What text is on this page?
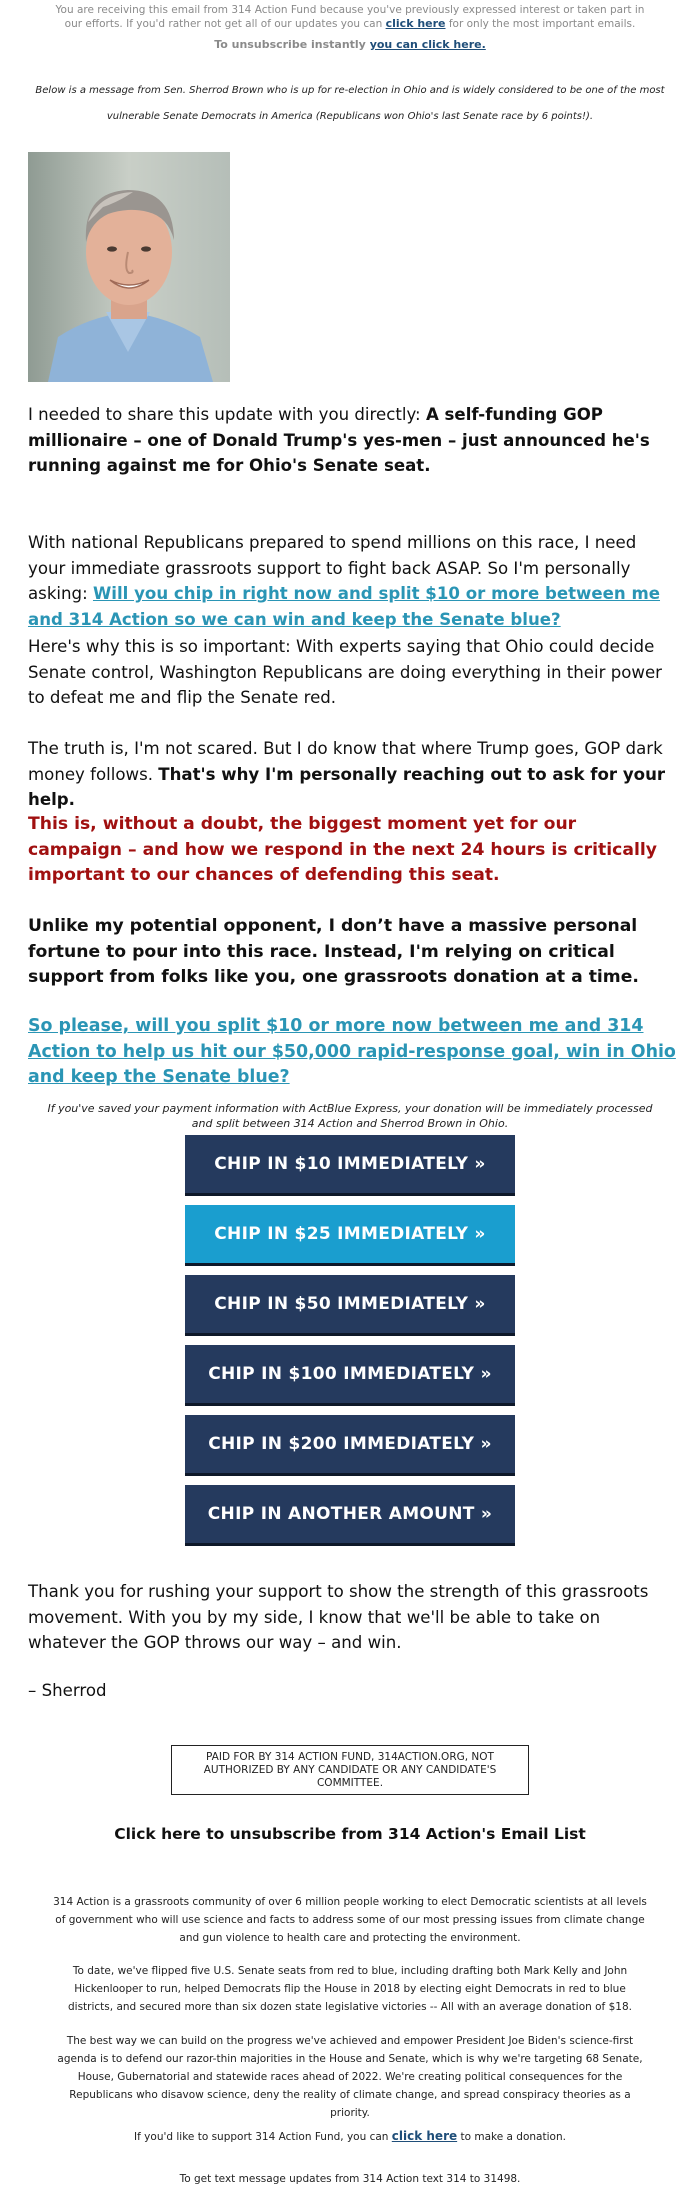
You are receiving this email from 314 Action Fund because you've previously expressed interest or taken part in our efforts. If you'd rather not get all of our updates you can click here for only the most important emails.
To unsubscribe instantly you can click here.
Below is a message from Sen. Sherrod Brown who is up for re-election in Ohio and is widely considered to be one of the most vulnerable Senate Democrats in America (Republicans won Ohio's last Senate race by 6 points!).
I needed to share this update with you directly: A self-funding GOP millionaire – one of Donald Trump's yes-men – just announced he's running against me for Ohio's Senate seat.
With national Republicans prepared to spend millions on this race, I need your immediate grassroots support to fight back ASAP. So I'm personally asking: Will you chip in right now and split $10 or more between me and 314 Action so we can win and keep the Senate blue?
Here's why this is so important: With experts saying that Ohio could decide Senate control, Washington Republicans are doing everything in their power to defeat me and flip the Senate red.
The truth is, I'm not scared. But I do know that where Trump goes, GOP dark money follows. That's why I'm personally reaching out to ask for your help.
This is, without a doubt, the biggest moment yet for our campaign – and how we respond in the next 24 hours is critically important to our chances of defending this seat.
Unlike my potential opponent, I don’t have a massive personal fortune to pour into this race. Instead, I'm relying on critical support from folks like you, one grassroots donation at a time.
So please, will you split $10 or more now between me and 314 Action to help us hit our $50,000 rapid-response goal, win in Ohio and keep the Senate blue?
If you've saved your payment information with ActBlue Express, your donation will be immediately processed and split between 314 Action and Sherrod Brown in Ohio.
CHIP IN $10 IMMEDIATELY »
CHIP IN $25 IMMEDIATELY »
CHIP IN $50 IMMEDIATELY »
CHIP IN $100 IMMEDIATELY »
CHIP IN $200 IMMEDIATELY »
CHIP IN ANOTHER AMOUNT »
Thank you for rushing your support to show the strength of this grassroots movement. With you by my side, I know that we'll be able to take on whatever the GOP throws our way – and win.
– Sherrod
PAID FOR BY 314 ACTION FUND, 314ACTION.ORG, NOT AUTHORIZED BY ANY CANDIDATE OR ANY CANDIDATE'S COMMITTEE.
Click here to unsubscribe from 314 Action's Email List
314 Action is a grassroots community of over 6 million people working to elect Democratic scientists at all levels of government who will use science and facts to address some of our most pressing issues from climate change and gun violence to health care and protecting the environment.
To date, we've flipped five U.S. Senate seats from red to blue, including drafting both Mark Kelly and John Hickenlooper to run, helped Democrats flip the House in 2018 by electing eight Democrats in red to blue districts, and secured more than six dozen state legislative victories -- All with an average donation of $18.
The best way we can build on the progress we've achieved and empower President Joe Biden's science-first agenda is to defend our razor-thin majorities in the House and Senate, which is why we're targeting 68 Senate, House, Gubernatorial and statewide races ahead of 2022. We're creating political consequences for the Republicans who disavow science, deny the reality of climate change, and spread conspiracy theories as a priority.
If you'd like to support 314 Action Fund, you can click here to make a donation.
To get text message updates from 314 Action text 314 to 31498.
